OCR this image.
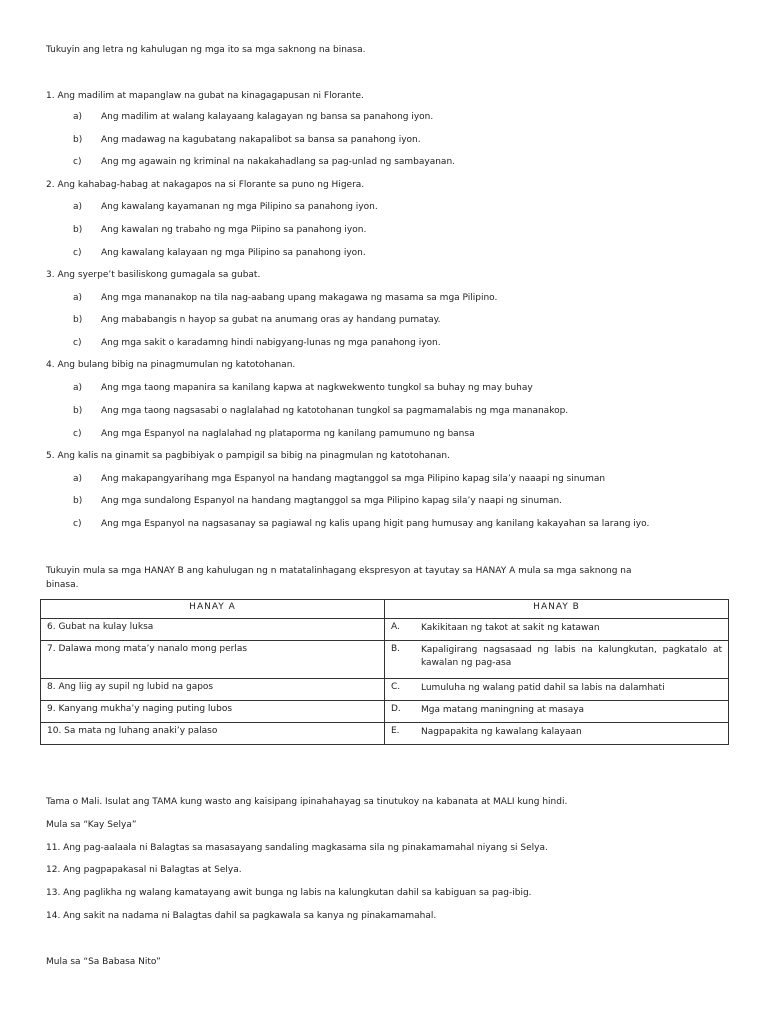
Tukuyin ang letra ng kahulugan ng mga ito sa mga saknong na binasa.
1. Ang madilim at mapanglaw na gubat na kinagagapusan ni Florante.
a) Ang madilim at walang kalayaang kalagayan ng bansa sa panahong iyon.
b) Ang madawag na kagubatang nakapalibot sa bansa sa panahong iyon.
c) Ang mg agawain ng kriminal na nakakahadlang sa pag-unlad ng sambayanan.
2. Ang kahabag-habag at nakagapos na si Florante sa puno ng Higera.
a) Ang kawalang kayamanan ng mga Pilipino sa panahong iyon.
b) Ang kawalan ng trabaho ng mga Piipino sa panahong iyon.
c) Ang kawalang kalayaan ng mga Pilipino sa panahong iyon.
3. Ang syerpe’t basiliskong gumagala sa gubat.
a) Ang mga mananakop na tila nag-aabang upang makagawa ng masama sa mga Pilipino.
b) Ang mababangis n hayop sa gubat na anumang oras ay handang pumatay.
c) Ang mga sakit o karadamng hindi nabigyang-lunas ng mga panahong iyon.
4. Ang bulang bibig na pinagmumulan ng katotohanan.
a) Ang mga taong mapanira sa kanilang kapwa at nagkwekwento tungkol sa buhay ng may buhay
b) Ang mga taong nagsasabi o naglalahad ng katotohanan tungkol sa pagmamalabis ng mga mananakop.
c) Ang mga Espanyol na naglalahad ng plataporma ng kanilang pamumuno ng bansa
5. Ang kalis na ginamit sa pagbibiyak o pampigil sa bibig na pinagmulan ng katotohanan.
a) Ang makapangyarihang mga Espanyol na handang magtanggol sa mga Pilipino kapag sila’y naaapi ng sinuman
b) Ang mga sundalong Espanyol na handang magtanggol sa mga Pilipino kapag sila’y naapi ng sinuman.
c) Ang mga Espanyol na nagsasanay sa pagiawal ng kalis upang higit pang humusay ang kanilang kakayahan sa larang iyo.
Tukuyin mula sa mga HANAY B ang kahulugan ng n matatalinhagang ekspresyon at tayutay sa HANAY A mula sa mga saknong na
binasa.
HANAY A	HANAY B
6. Gubat na kulay luksa	A. Kakikitaan ng takot at sakit ng katawan

7. Dalawa mong mata’y nanalo mong perlas	B. Kapaligirang nagsasaad ng labis na kalungkutan, pagkatalo at kawalan ng pag-asa

8. Ang liig ay supil ng lubid na gapos	C. Lumuluha ng walang patid dahil sa labis na dalamhati

9. Kanyang mukha’y naging puting lubos	D. Mga matang maningning at masaya

10. Sa mata ng luhang anaki’y palaso	E. Nagpapakita ng kawalang kalayaan
Tama o Mali. Isulat ang TAMA kung wasto ang kaisipang ipinahahayag sa tinutukoy na kabanata at MALI kung hindi.
Mula sa “Kay Selya”
11. Ang pag-aalaala ni Balagtas sa masasayang sandaling magkasama sila ng pinakamamahal niyang si Selya.
12. Ang pagpapakasal ni Balagtas at Selya.
13. Ang paglikha ng walang kamatayang awit bunga ng labis na kalungkutan dahil sa kabiguan sa pag-ibig.
14. Ang sakit na nadama ni Balagtas dahil sa pagkawala sa kanya ng pinakamamahal.
Mula sa “Sa Babasa Nito”
